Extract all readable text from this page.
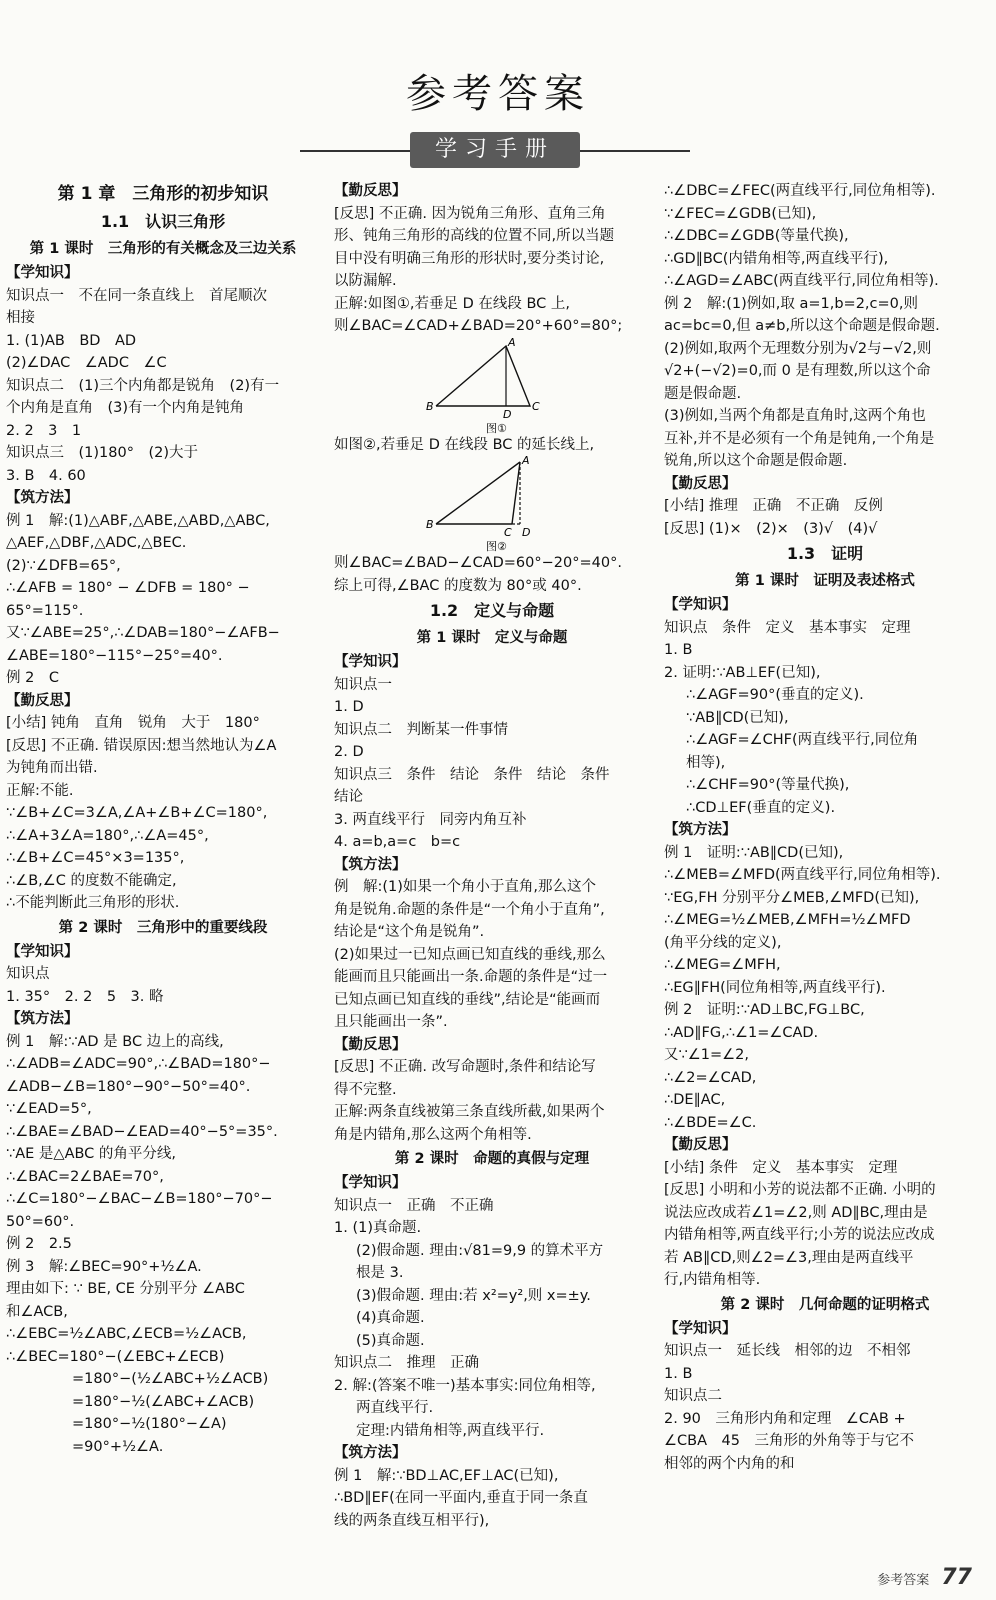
参考答案
学习手册
第 1 章　三角形的初步知识
1.1　认识三角形
第 1 课时　三角形的有关概念及三边关系
【学知识】
知识点一　不在同一条直线上　首尾顺次
相接
1. (1)AB　BD　AD
(2)∠DAC　∠ADC　∠C
知识点二　(1)三个内角都是锐角　(2)有一
个内角是直角　(3)有一个内角是钝角
2. 2　3　1
知识点三　(1)180°　(2)大于
3. B　4. 60
【筑方法】
例 1　解:(1)△ABF,△ABE,△ABD,△ABC,
△AEF,△DBF,△ADC,△BEC.
(2)∵∠DFB=65°,
∴∠AFB = 180° − ∠DFB = 180° −
65°=115°.
又∵∠ABE=25°,∴∠DAB=180°−∠AFB−
∠ABE=180°−115°−25°=40°.
例 2　C
【勤反思】
[小结] 钝角　直角　锐角　大于　180°
[反思] 不正确. 错误原因:想当然地认为∠A
为钝角而出错.
正解:不能.
∵∠B+∠C=3∠A,∠A+∠B+∠C=180°,
∴∠A+3∠A=180°,∴∠A=45°,
∴∠B+∠C=45°×3=135°,
∴∠B,∠C 的度数不能确定,
∴不能判断此三角形的形状.
第 2 课时　三角形中的重要线段
【学知识】
知识点
1. 35°　2. 2　5　3. 略
【筑方法】
例 1　解:∵AD 是 BC 边上的高线,
∴∠ADB=∠ADC=90°,∴∠BAD=180°−
∠ADB−∠B=180°−90°−50°=40°.
∵∠EAD=5°,
∴∠BAE=∠BAD−∠EAD=40°−5°=35°.
∵AE 是△ABC 的角平分线,
∴∠BAC=2∠BAE=70°,
∴∠C=180°−∠BAC−∠B=180°−70°−
50°=60°.
例 2　2.5
例 3　解:∠BEC=90°+½∠A.
理由如下: ∵ BE, CE 分别平分 ∠ABC
和∠ACB,
∴∠EBC=½∠ABC,∠ECB=½∠ACB,
∴∠BEC=180°−(∠EBC+∠ECB)
=180°−(½∠ABC+½∠ACB)
=180°−½(∠ABC+∠ACB)
=180°−½(180°−∠A)
=90°+½∠A.
【勤反思】
[反思] 不正确. 因为锐角三角形、直角三角
形、钝角三角形的高线的位置不同,所以当题
目中没有明确三角形的形状时,要分类讨论,
以防漏解.
正解:如图①,若垂足 D 在线段 BC 上,
则∠BAC=∠CAD+∠BAD=20°+60°=80°;
B
A
C
D
图①
如图②,若垂足 D 在线段 BC 的延长线上,
B
A
C D
图②
则∠BAC=∠BAD−∠CAD=60°−20°=40°.
综上可得,∠BAC 的度数为 80°或 40°.
1.2　定义与命题
第 1 课时　定义与命题
【学知识】
知识点一
1. D
知识点二　判断某一件事情
2. D
知识点三　条件　结论　条件　结论　条件
结论
3. 两直线平行　同旁内角互补
4. a=b,a=c　b=c
【筑方法】
例　解:(1)如果一个角小于直角,那么这个
角是锐角.命题的条件是“一个角小于直角”,
结论是“这个角是锐角”.
(2)如果过一已知点画已知直线的垂线,那么
能画而且只能画出一条.命题的条件是“过一
已知点画已知直线的垂线”,结论是“能画而
且只能画出一条”.
【勤反思】
[反思] 不正确. 改写命题时,条件和结论写
得不完整.
正解:两条直线被第三条直线所截,如果两个
角是内错角,那么这两个角相等.
第 2 课时　命题的真假与定理
【学知识】
知识点一　正确　不正确
1. (1)真命题.
(2)假命题. 理由:√81=9,9 的算术平方
根是 3.
(3)假命题. 理由:若 x²=y²,则 x=±y.
(4)真命题.
(5)真命题.
知识点二　推理　正确
2. 解:(答案不唯一)基本事实:同位角相等,
两直线平行.
定理:内错角相等,两直线平行.
【筑方法】
例 1　解:∵BD⊥AC,EF⊥AC(已知),
∴BD∥EF(在同一平面内,垂直于同一条直
线的两条直线互相平行),
∴∠DBC=∠FEC(两直线平行,同位角相等).
∵∠FEC=∠GDB(已知),
∴∠DBC=∠GDB(等量代换),
∴GD∥BC(内错角相等,两直线平行),
∴∠AGD=∠ABC(两直线平行,同位角相等).
例 2　解:(1)例如,取 a=1,b=2,c=0,则
ac=bc=0,但 a≠b,所以这个命题是假命题.
(2)例如,取两个无理数分别为√2与−√2,则
√2+(−√2)=0,而 0 是有理数,所以这个命
题是假命题.
(3)例如,当两个角都是直角时,这两个角也
互补,并不是必须有一个角是钝角,一个角是
锐角,所以这个命题是假命题.
【勤反思】
[小结] 推理　正确　不正确　反例
[反思] (1)×　(2)×　(3)√　(4)√
1.3　证明
第 1 课时　证明及表述格式
【学知识】
知识点　条件　定义　基本事实　定理
1. B
2. 证明:∵AB⊥EF(已知),
∴∠AGF=90°(垂直的定义).
∵AB∥CD(已知),
∴∠AGF=∠CHF(两直线平行,同位角
相等),
∴∠CHF=90°(等量代换),
∴CD⊥EF(垂直的定义).
【筑方法】
例 1　证明:∵AB∥CD(已知),
∴∠MEB=∠MFD(两直线平行,同位角相等).
∵EG,FH 分别平分∠MEB,∠MFD(已知),
∴∠MEG=½∠MEB,∠MFH=½∠MFD
(角平分线的定义),
∴∠MEG=∠MFH,
∴EG∥FH(同位角相等,两直线平行).
例 2　证明:∵AD⊥BC,FG⊥BC,
∴AD∥FG,∴∠1=∠CAD.
又∵∠1=∠2,
∴∠2=∠CAD,
∴DE∥AC,
∴∠BDE=∠C.
【勤反思】
[小结] 条件　定义　基本事实　定理
[反思] 小明和小芳的说法都不正确. 小明的
说法应改成若∠1=∠2,则 AD∥BC,理由是
内错角相等,两直线平行;小芳的说法应改成
若 AB∥CD,则∠2=∠3,理由是两直线平
行,内错角相等.
第 2 课时　几何命题的证明格式
【学知识】
知识点一　延长线　相邻的边　不相邻
1. B
知识点二
2. 90　三角形内角和定理　∠CAB +
∠CBA　45　三角形的外角等于与它不
相邻的两个内角的和
参考答案 77
